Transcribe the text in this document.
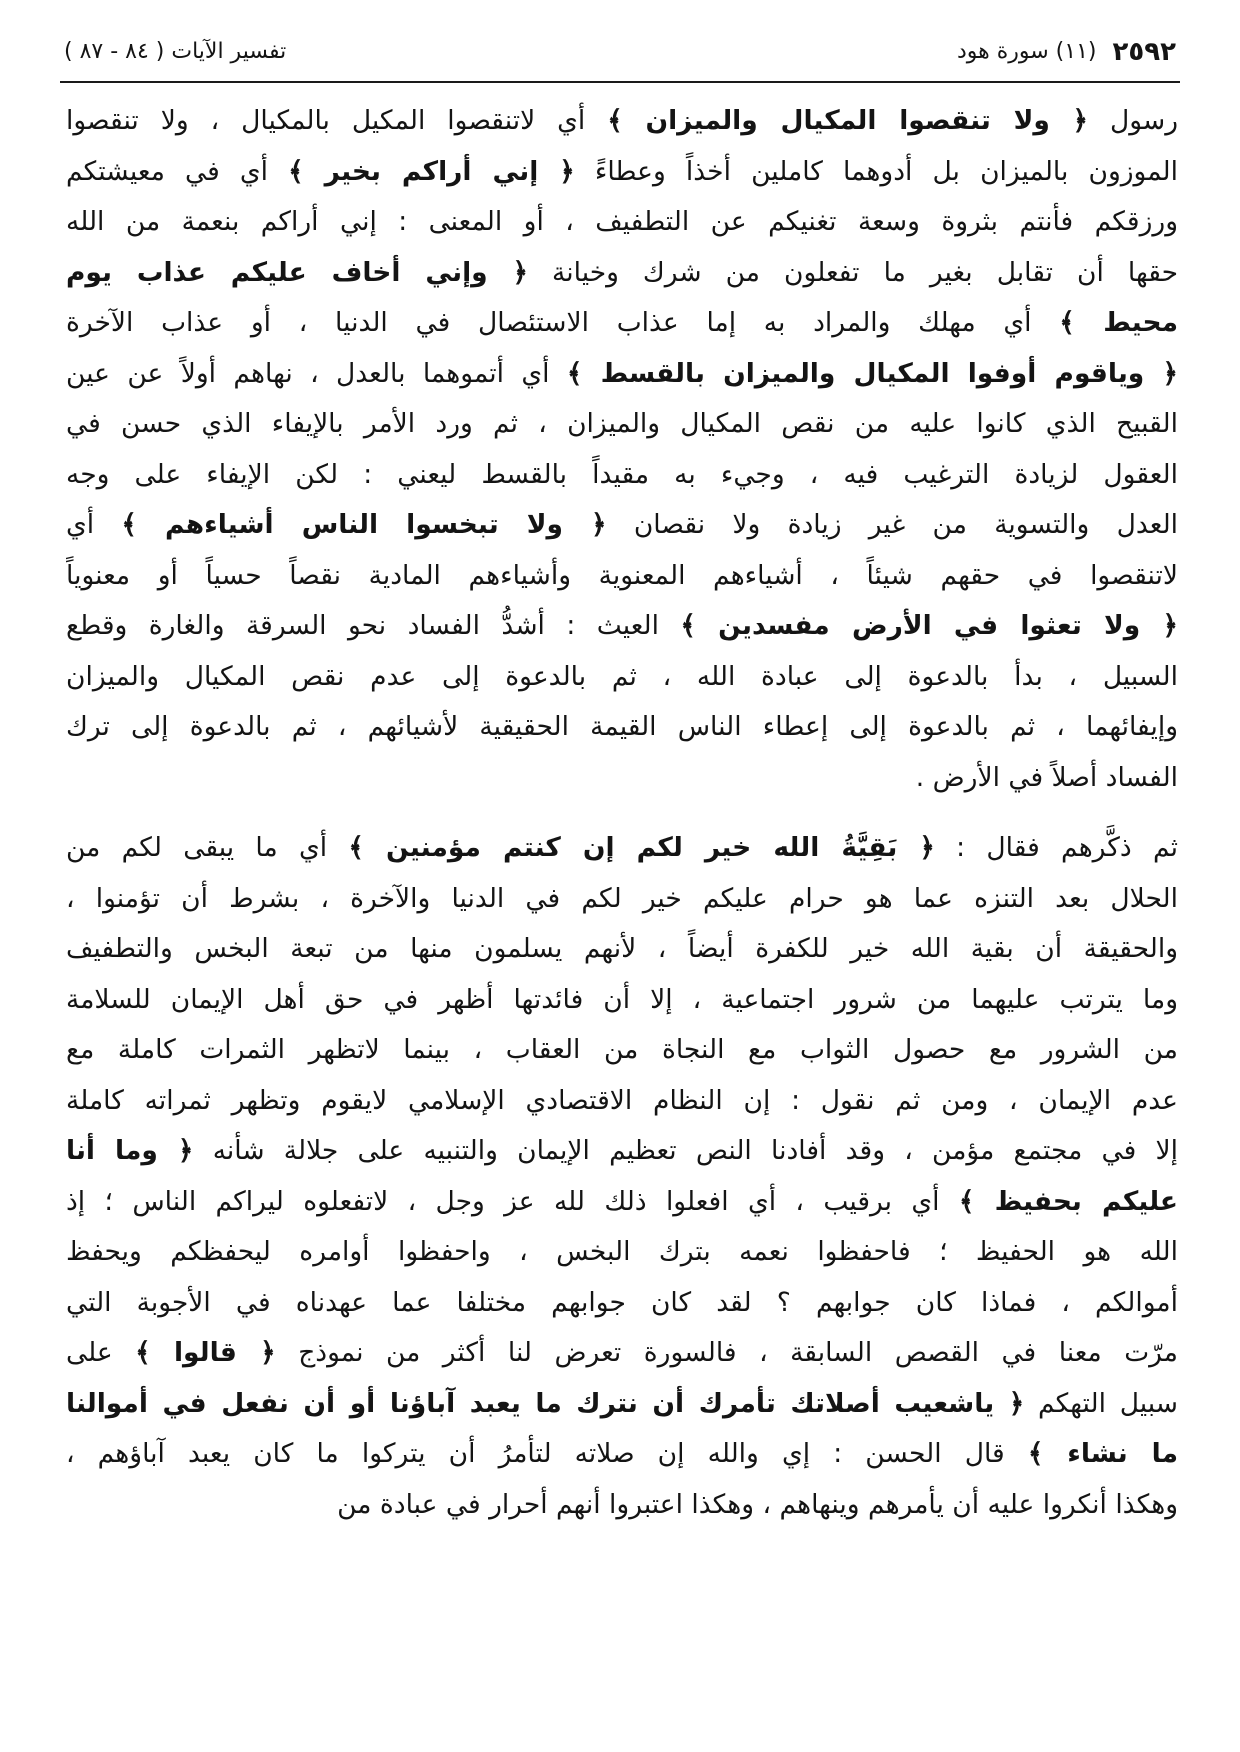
٢٥٩٢
(١١) سورة هود
تفسير الآيات ( ٨٤ - ٨٧ )
رسول ﴿ ولا تنقصوا المكيال والميزان ﴾ أي لاتنقصوا المكيل بالمكيال ، ولا تنقصوا
الموزون بالميزان بل أدوهما كاملين أخذاً وعطاءً ﴿ إني أراكم بخير ﴾ أي في معيشتكم
ورزقكم فأنتم بثروة وسعة تغنيكم عن التطفيف ، أو المعنى : إني أراكم بنعمة من الله
حقها أن تقابل بغير ما تفعلون من شرك وخيانة ﴿ وإني أخاف عليكم عذاب يوم
محيط ﴾ أي مهلك والمراد به إما عذاب الاستئصال في الدنيا ، أو عذاب الآخرة
﴿ وياقوم أوفوا المكيال والميزان بالقسط ﴾ أي أتموهما بالعدل ، نهاهم أولاً عن عين
القبيح الذي كانوا عليه من نقص المكيال والميزان ، ثم ورد الأمر بالإيفاء الذي حسن في
العقول لزيادة الترغيب فيه ، وجيء به مقيداً بالقسط ليعني : لكن الإيفاء على وجه
العدل والتسوية من غير زيادة ولا نقصان ﴿ ولا تبخسوا الناس أشياءهم ﴾ أي
لاتنقصوا في حقهم شيئاً ، أشياءهم المعنوية وأشياءهم المادية نقصاً حسياً أو معنوياً
﴿ ولا تعثوا في الأرض مفسدين ﴾ العيث : أشدُّ الفساد نحو السرقة والغارة وقطع
السبيل ، بدأ بالدعوة إلى عبادة الله ، ثم بالدعوة إلى عدم نقص المكيال والميزان
وإيفائهما ، ثم بالدعوة إلى إعطاء الناس القيمة الحقيقية لأشيائهم ، ثم بالدعوة إلى ترك
الفساد أصلاً في الأرض .
ثم ذكَّرهم فقال : ﴿ بَقِيَّةُ الله خير لكم إن كنتم مؤمنين ﴾ أي ما يبقى لكم من
الحلال بعد التنزه عما هو حرام عليكم خير لكم في الدنيا والآخرة ، بشرط أن تؤمنوا ،
والحقيقة أن بقية الله خير للكفرة أيضاً ، لأنهم يسلمون منها من تبعة البخس والتطفيف
وما يترتب عليهما من شرور اجتماعية ، إلا أن فائدتها أظهر في حق أهل الإيمان للسلامة
من الشرور مع حصول الثواب مع النجاة من العقاب ، بينما لاتظهر الثمرات كاملة مع
عدم الإيمان ، ومن ثم نقول : إن النظام الاقتصادي الإسلامي لايقوم وتظهر ثمراته كاملة
إلا في مجتمع مؤمن ، وقد أفادنا النص تعظيم الإيمان والتنبيه على جلالة شأنه ﴿ وما أنا
عليكم بحفيظ ﴾ أي برقيب ، أي افعلوا ذلك لله عز وجل ، لاتفعلوه ليراكم الناس ؛ إذ
الله هو الحفيظ ؛ فاحفظوا نعمه بترك البخس ، واحفظوا أوامره ليحفظكم ويحفظ
أموالكم ، فماذا كان جوابهم ؟ لقد كان جوابهم مختلفا عما عهدناه في الأجوبة التي
مرّت معنا في القصص السابقة ، فالسورة تعرض لنا أكثر من نموذج ﴿ قالوا ﴾ على
سبيل التهكم ﴿ ياشعيب أصلاتك تأمرك أن نترك ما يعبد آباؤنا أو أن نفعل في أموالنا
ما نشاء ﴾ قال الحسن : إي والله إن صلاته لتأمرُ أن يتركوا ما كان يعبد آباؤهم ،
وهكذا أنكروا عليه أن يأمرهم وينهاهم ، وهكذا اعتبروا أنهم أحرار في عبادة من
